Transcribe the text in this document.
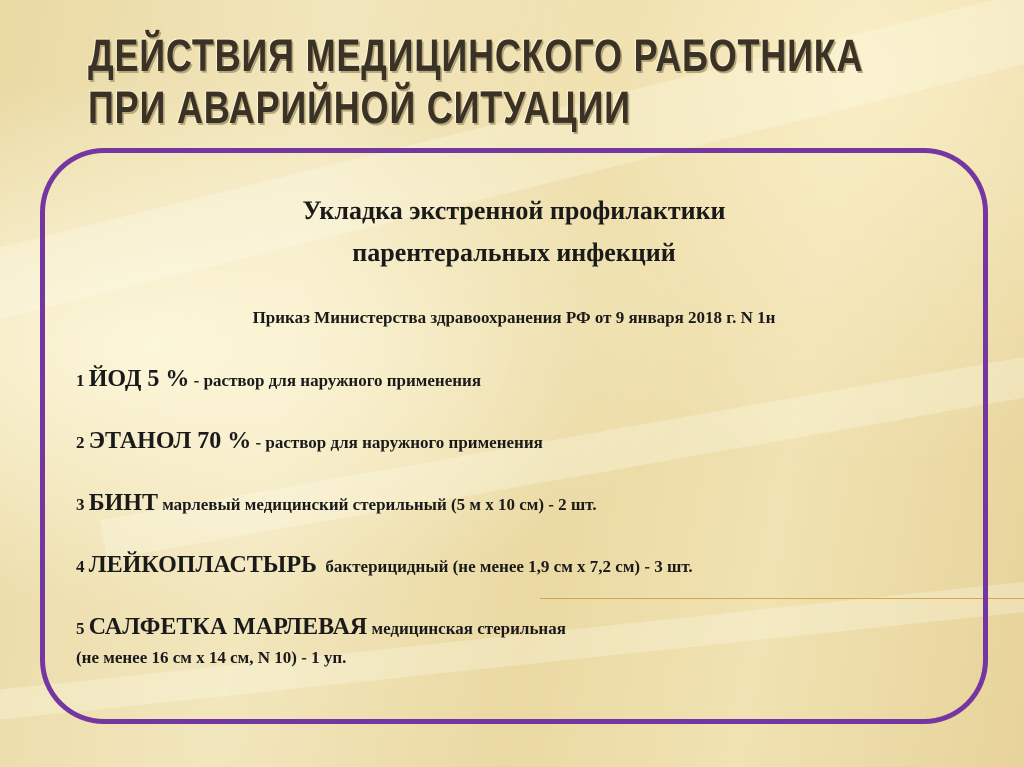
ДЕЙСТВИЯ МЕДИЦИНСКОГО РАБОТНИКА
ПРИ АВАРИЙНОЙ СИТУАЦИИ
Укладка экстренной профилактики
парентеральных инфекций
Приказ Министерства здравоохранения РФ от 9 января 2018 г. N 1н
1 ЙОД 5 % - раствор для наружного применения
2 ЭТАНОЛ 70 % - раствор для наружного применения
3 БИНТ марлевый медицинский стерильный (5 м х 10 см) - 2 шт.
4 ЛЕЙКОПЛАСТЫРЬ  бактерицидный (не менее 1,9 см х 7,2 см) - 3 шт.
5 САЛФЕТКА МАРЛЕВАЯ медицинская стерильная
(не менее 16 см х 14 см, N 10) - 1 уп.
